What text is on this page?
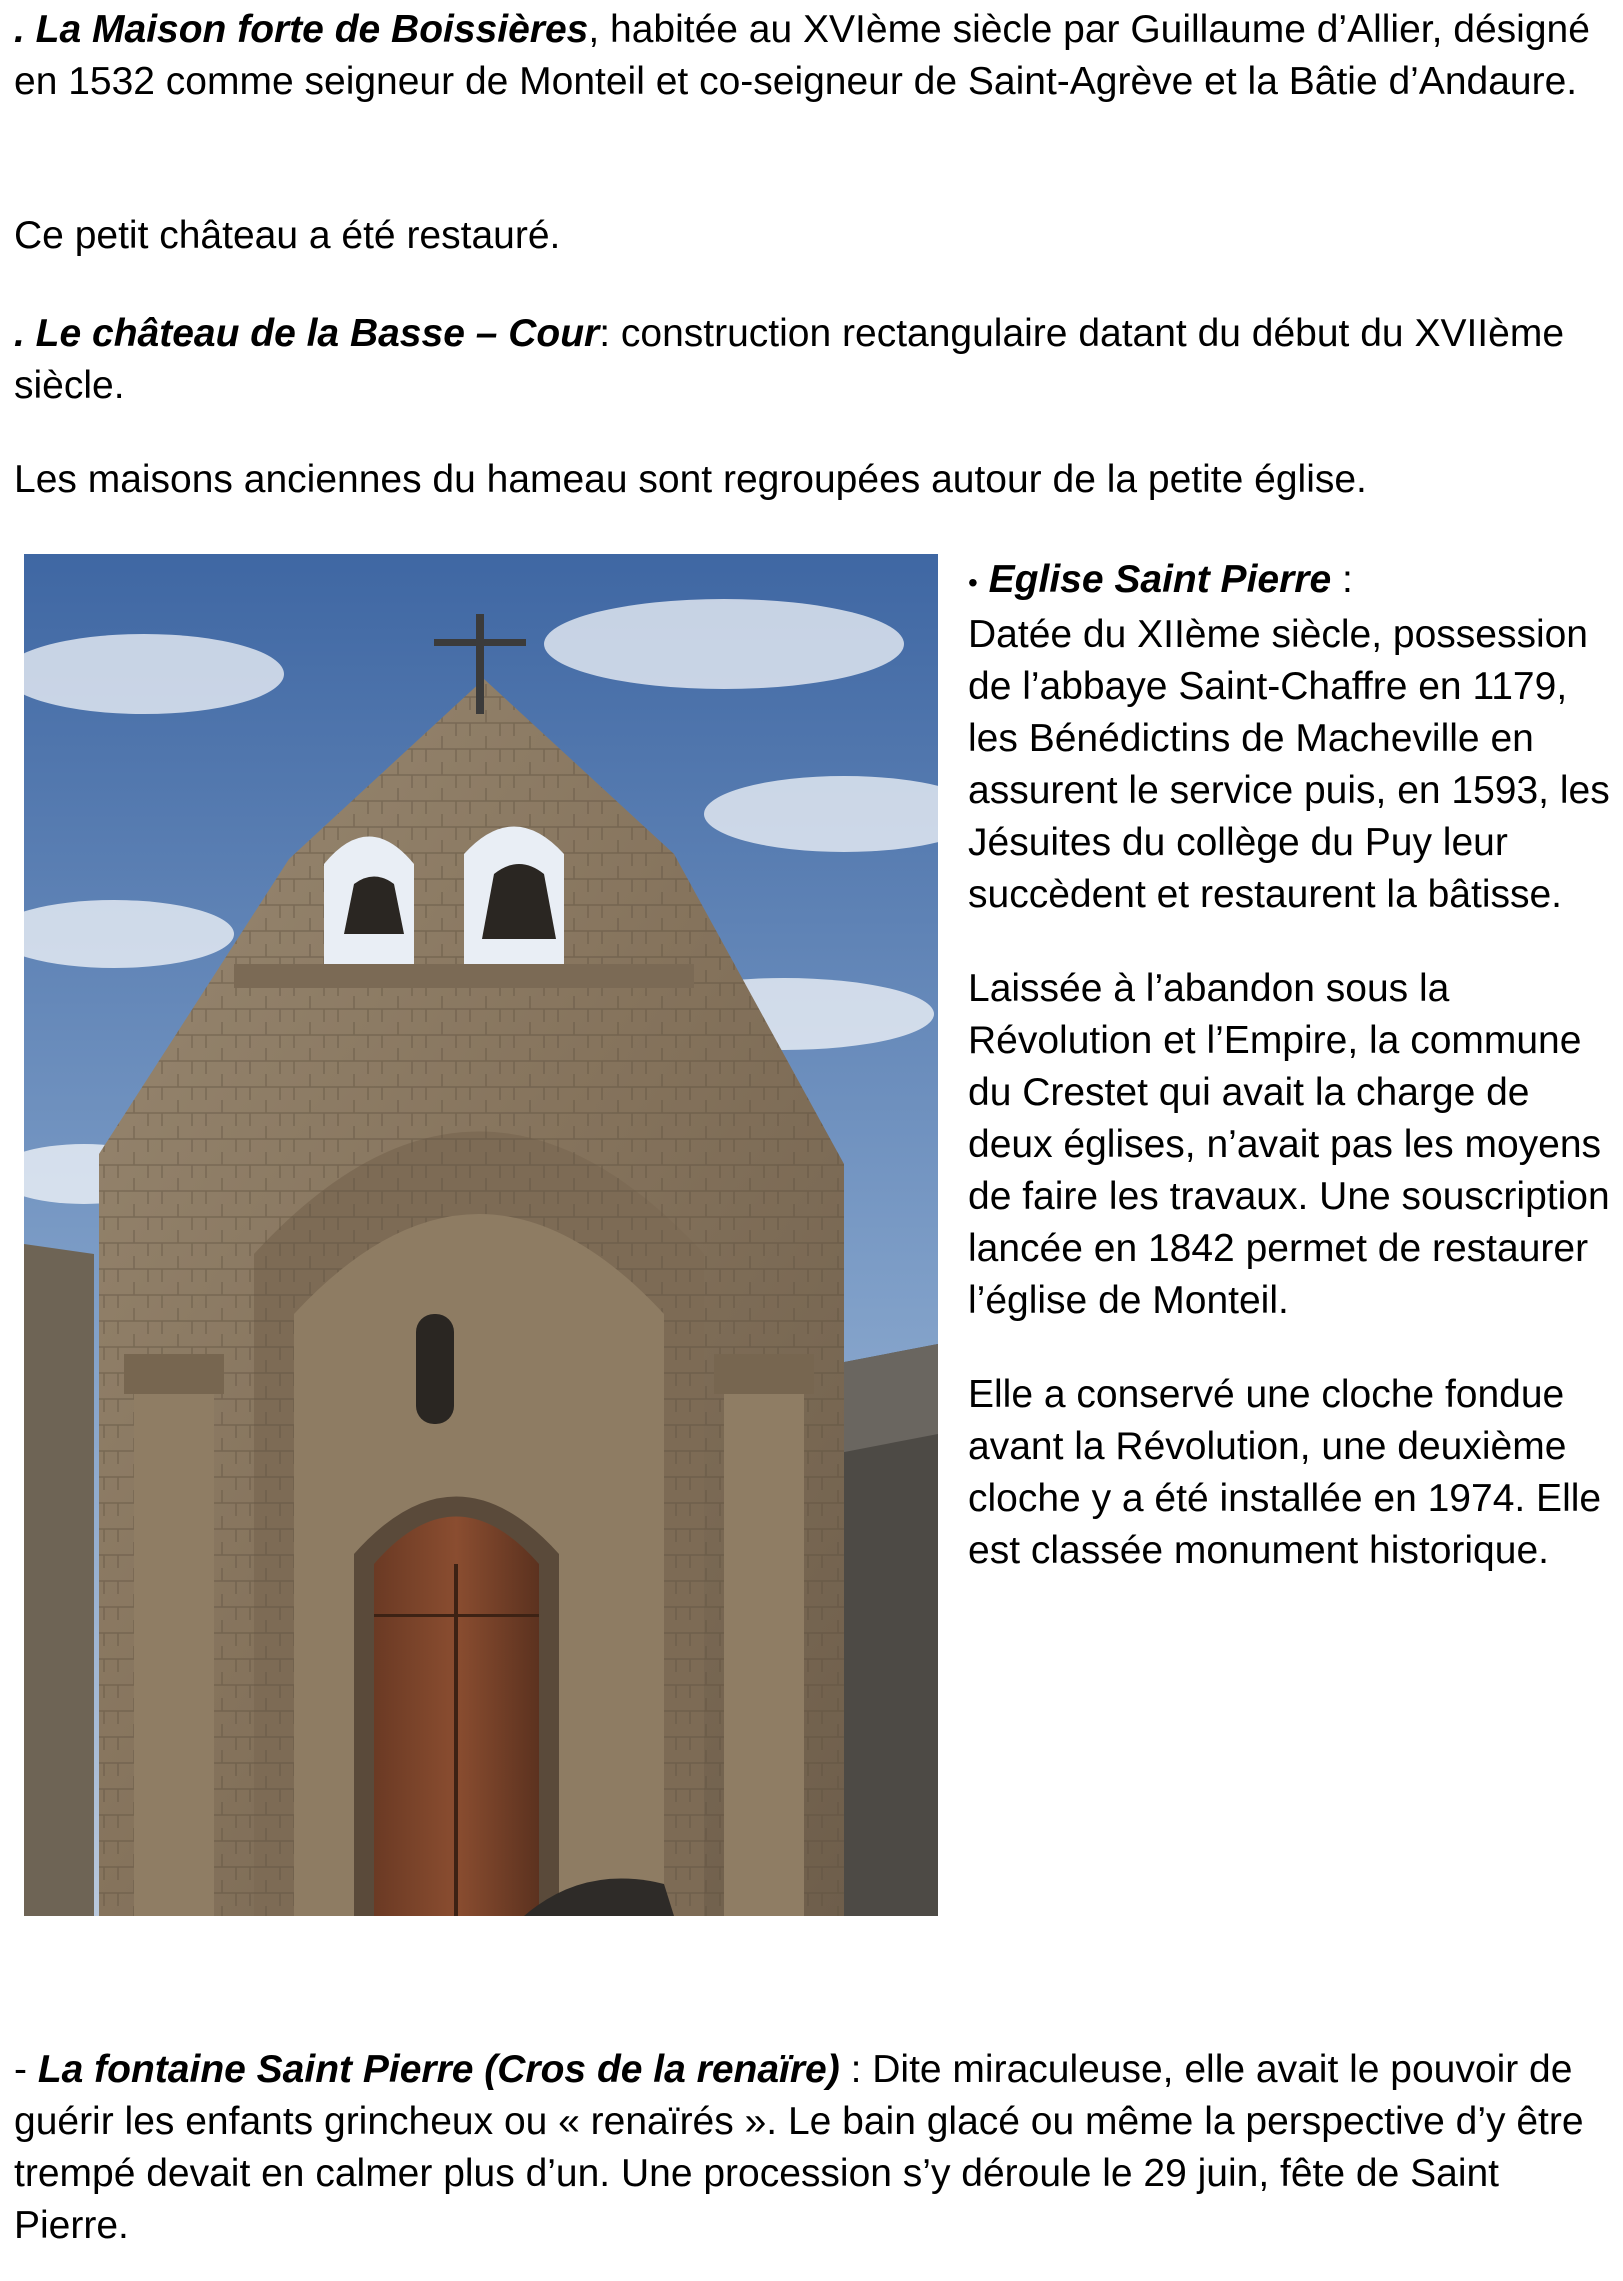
. La Maison forte de Boissières, habitée au XVIème siècle par Guillaume d’Allier, désigné en 1532 comme seigneur de Monteil et co-seigneur de Saint-Agrève et la Bâtie d’Andaure.

Ce petit château a été restauré.

. Le château de la Basse – Cour: construction rectangulaire datant du début du XVIIème siècle.

Les maisons anciennes du hameau sont regroupées autour de la petite église.

• Eglise Saint Pierre :

Datée du XIIème siècle, possession de l’abbaye Saint-Chaffre en 1179, les Bénédictins de Macheville en assurent le service puis, en 1593, les Jésuites du collège du Puy leur succèdent et restaurent la bâtisse.

Laissée à l’abandon sous la Révolution et l’Empire, la commune du Crestet qui avait la charge de deux églises, n’avait pas les moyens de faire les travaux. Une souscription lancée en 1842 permet de restaurer l’église de Monteil.

Elle a conservé une cloche fondue avant la Révolution, une deuxième cloche y a été installée en 1974. Elle est classée monument historique.

- La fontaine Saint Pierre (Cros de la renaïre) : Dite miraculeuse, elle avait le pouvoir de guérir les enfants grincheux ou « renaïrés ». Le bain glacé ou même la perspective d’y être trempé devait en calmer plus d’un. Une procession s’y déroule le 29 juin, fête de Saint Pierre.
